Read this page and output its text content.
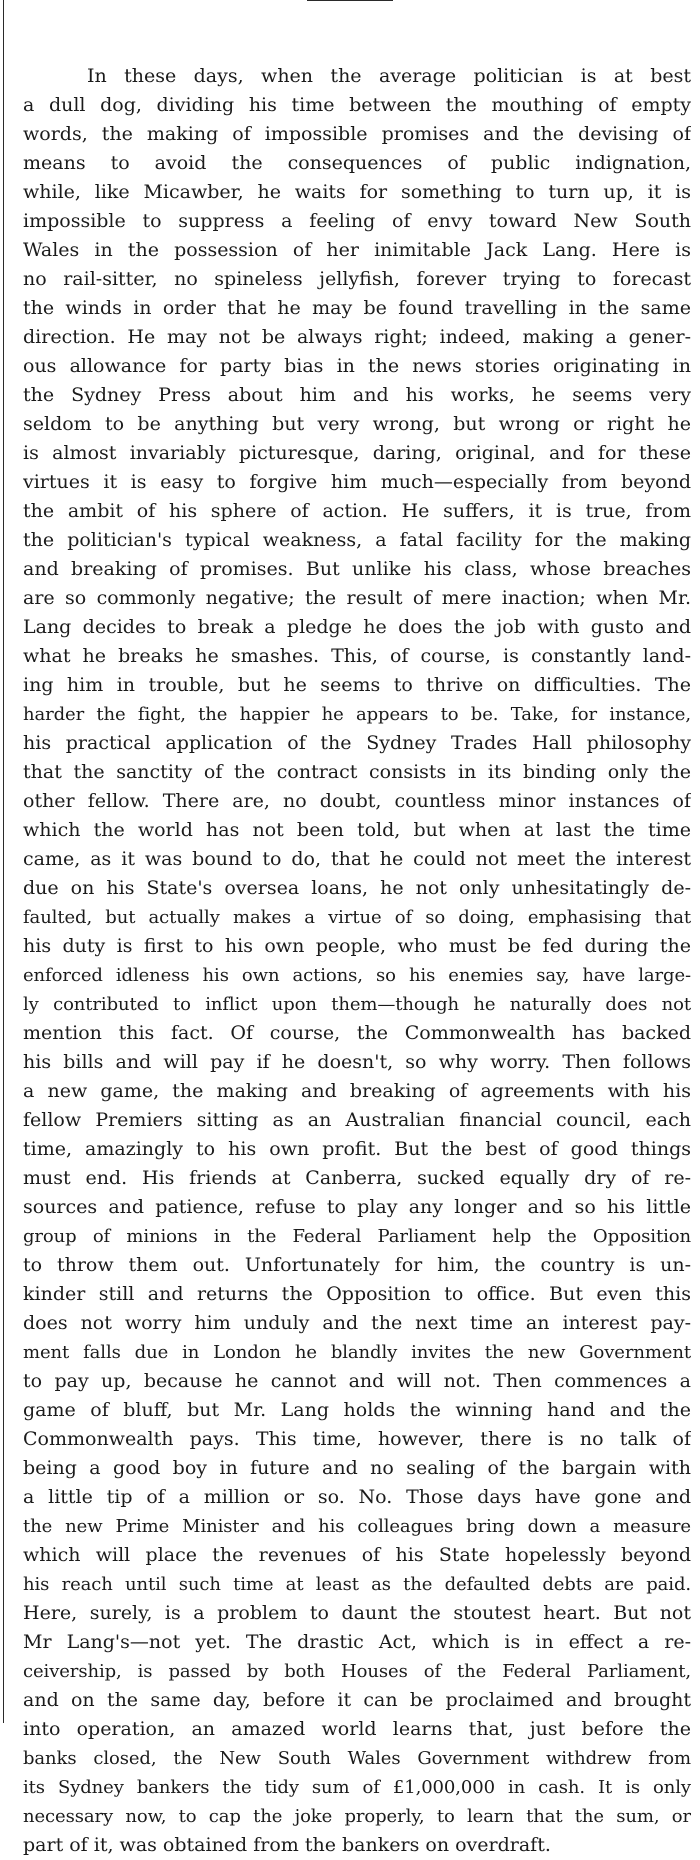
In these days, when the average politician is at best
a dull dog, dividing his time between the mouthing of empty
words, the making of impossible promises and the devising of
means to avoid the consequences of public indignation,
while, like Micawber, he waits for something to turn up, it is
impossible to suppress a feeling of envy toward New South
Wales in the possession of her inimitable Jack Lang. Here is
no rail-sitter, no spineless jellyfish, forever trying to forecast
the winds in order that he may be found travelling in the same
direction. He may not be always right; indeed, making a gener-
ous allowance for party bias in the news stories originating in
the Sydney Press about him and his works, he seems very
seldom to be anything but very wrong, but wrong or right he
is almost invariably picturesque, daring, original, and for these
virtues it is easy to forgive him much—especially from beyond
the ambit of his sphere of action. He suffers, it is true, from
the politician's typical weakness, a fatal facility for the making
and breaking of promises. But unlike his class, whose breaches
are so commonly negative; the result of mere inaction; when Mr.
Lang decides to break a pledge he does the job with gusto and
what he breaks he smashes. This, of course, is constantly land-
ing him in trouble, but he seems to thrive on difficulties. The
harder the fight, the happier he appears to be. Take, for instance,
his practical application of the Sydney Trades Hall philosophy
that the sanctity of the contract consists in its binding only the
other fellow. There are, no doubt, countless minor instances of
which the world has not been told, but when at last the time
came, as it was bound to do, that he could not meet the interest
due on his State's oversea loans, he not only unhesitatingly de-
faulted, but actually makes a virtue of so doing, emphasising that
his duty is first to his own people, who must be fed during the
enforced idleness his own actions, so his enemies say, have large-
ly contributed to inflict upon them—though he naturally does not
mention this fact. Of course, the Commonwealth has backed
his bills and will pay if he doesn't, so why worry. Then follows
a new game, the making and breaking of agreements with his
fellow Premiers sitting as an Australian financial council, each
time, amazingly to his own profit. But the best of good things
must end. His friends at Canberra, sucked equally dry of re-
sources and patience, refuse to play any longer and so his little
group of minions in the Federal Parliament help the Opposition
to throw them out. Unfortunately for him, the country is un-
kinder still and returns the Opposition to office. But even this
does not worry him unduly and the next time an interest pay-
ment falls due in London he blandly invites the new Government
to pay up, because he cannot and will not. Then commences a
game of bluff, but Mr. Lang holds the winning hand and the
Commonwealth pays. This time, however, there is no talk of
being a good boy in future and no sealing of the bargain with
a little tip of a million or so. No. Those days have gone and
the new Prime Minister and his colleagues bring down a measure
which will place the revenues of his State hopelessly beyond
his reach until such time at least as the defaulted debts are paid.
Here, surely, is a problem to daunt the stoutest heart. But not
Mr Lang's—not yet. The drastic Act, which is in effect a re-
ceivership, is passed by both Houses of the Federal Parliament,
and on the same day, before it can be proclaimed and brought
into operation, an amazed world learns that, just before the
banks closed, the New South Wales Government withdrew from
its Sydney bankers the tidy sum of £1,000,000 in cash. It is only
necessary now, to cap the joke properly, to learn that the sum, or
part of it, was obtained from the bankers on overdraft.
